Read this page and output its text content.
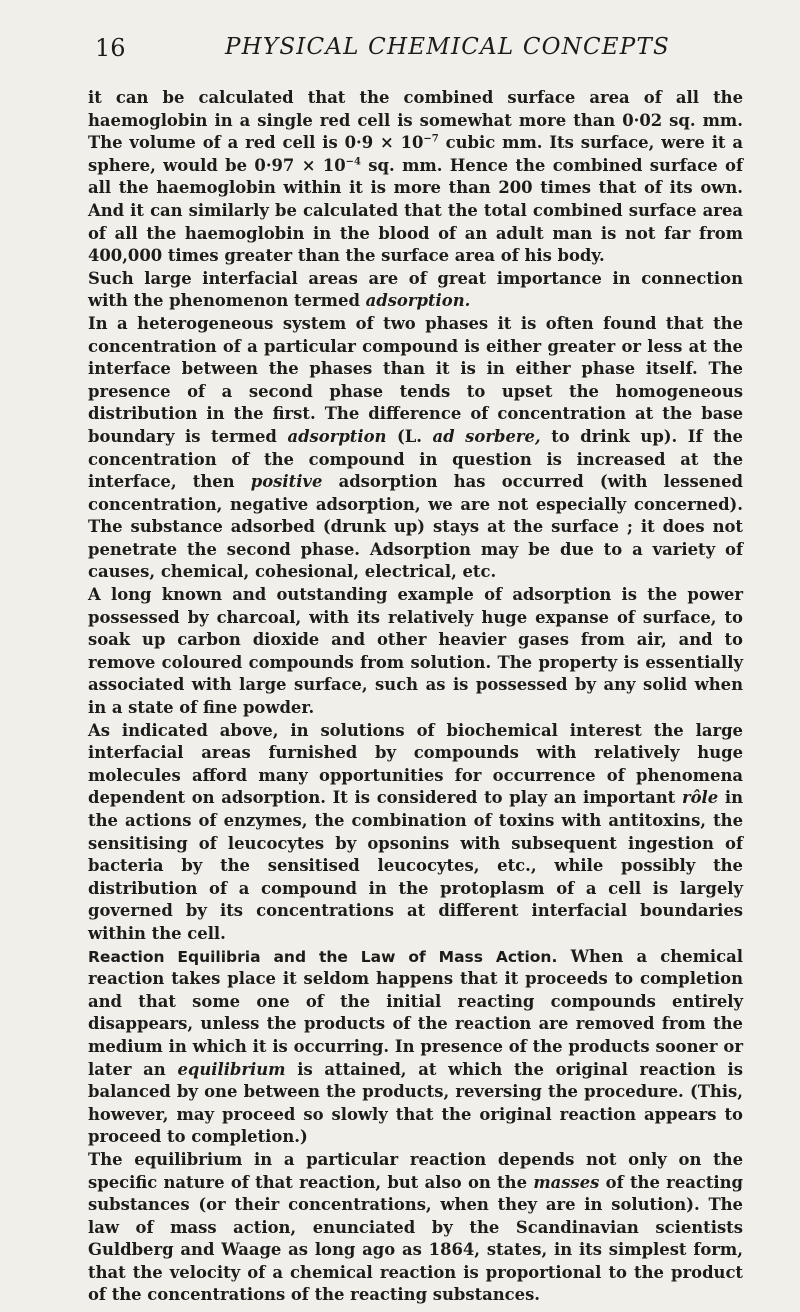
16	PHYSICAL CHEMICAL CONCEPTS

it can be calculated that the combined surface area of all the haemoglobin in a single red cell is somewhat more than 0·02 sq. mm. The volume of a red cell is $0\cdot 9 \times 10^{-7}$ cubic mm. Its surface, were it a sphere, would be $0\cdot 97 \times 10^{-4}$ sq. mm. Hence the combined surface of all the haemoglobin within it is more than 200 times that of its own. And it can similarly be calculated that the total combined surface area of all the haemoglobin in the blood of an adult man is not far from 400,000 times greater than the surface area of his body.

Such large interfacial areas are of great importance in connection with the phenomenon termed adsorption.

In a heterogeneous system of two phases it is often found that the concentration of a particular compound is either greater or less at the interface between the phases than it is in either phase itself. The presence of a second phase tends to upset the homogeneous distribution in the first. The difference of concentration at the base boundary is termed adsorption (L. ad sorbere, to drink up). If the concentration of the compound in question is increased at the interface, then positive adsorption has occurred (with lessened concentration, negative adsorption, we are not especially concerned). The substance adsorbed (drunk up) stays at the surface ; it does not penetrate the second phase. Adsorption may be due to a variety of causes, chemical, cohesional, electrical, etc.

A long known and outstanding example of adsorption is the power possessed by charcoal, with its relatively huge expanse of surface, to soak up carbon dioxide and other heavier gases from air, and to remove coloured compounds from solution. The property is essentially associated with large surface, such as is possessed by any solid when in a state of fine powder.

As indicated above, in solutions of biochemical interest the large interfacial areas furnished by compounds with relatively huge molecules afford many opportunities for occurrence of phenomena dependent on adsorption. It is considered to play an important rôle in the actions of enzymes, the combination of toxins with antitoxins, the sensitising of leucocytes by opsonins with subsequent ingestion of bacteria by the sensitised leucocytes, etc., while possibly the distribution of a compound in the protoplasm of a cell is largely governed by its concentrations at different interfacial boundaries within the cell.

Reaction Equilibria and the Law of Mass Action. When a chemical reaction takes place it seldom happens that it proceeds to completion and that some one of the initial reacting compounds entirely disappears, unless the products of the reaction are removed from the medium in which it is occurring. In presence of the products sooner or later an equilibrium is attained, at which the original reaction is balanced by one between the products, reversing the procedure. (This, however, may proceed so slowly that the original reaction appears to proceed to completion.)

The equilibrium in a particular reaction depends not only on the specific nature of that reaction, but also on the masses of the reacting substances (or their concentrations, when they are in solution). The law of mass action, enunciated by the Scandinavian scientists Guldberg and Waage as long ago as 1864, states, in its simplest form, that the velocity of a chemical reaction is proportional to the product of the concentrations of the reacting substances.
